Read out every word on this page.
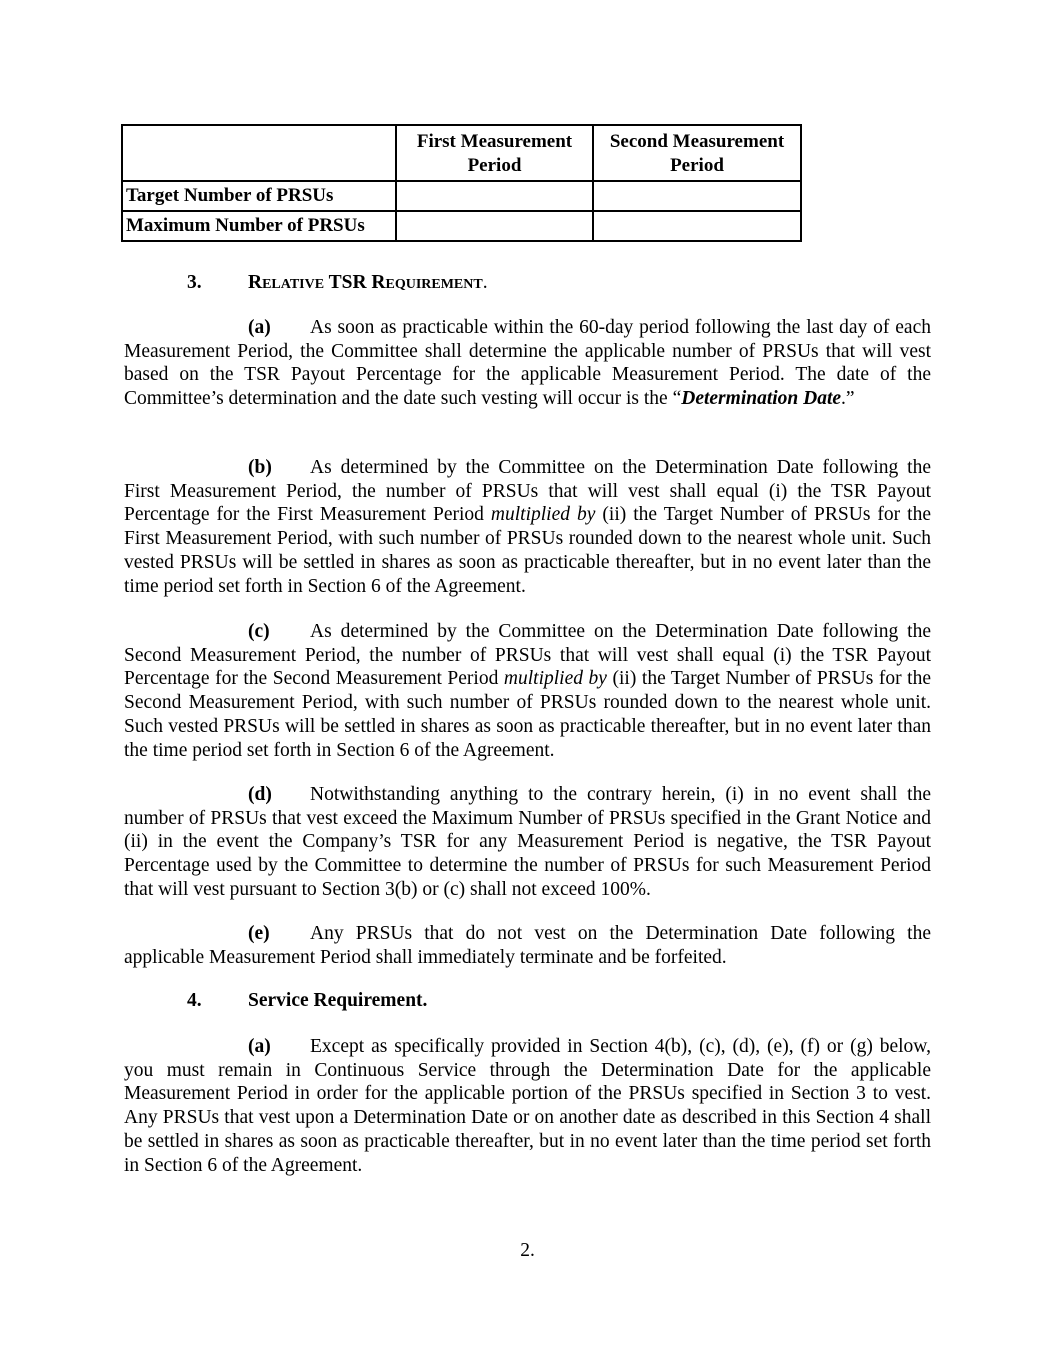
	First Measurement Period	Second Measurement Period
Target Number of PRSUs		
Maximum Number of PRSUs		
3. Relative TSR Requirement.
(a) As soon as practicable within the 60-day period following the last day of each Measurement Period, the Committee shall determine the applicable number of PRSUs that will vest based on the TSR Payout Percentage for the applicable Measurement Period. The date of the Committee’s determination and the date such vesting will occur is the “Determination Date.”
(b) As determined by the Committee on the Determination Date following the First Measurement Period, the number of PRSUs that will vest shall equal (i) the TSR Payout Percentage for the First Measurement Period multiplied by (ii) the Target Number of PRSUs for the First Measurement Period, with such number of PRSUs rounded down to the nearest whole unit. Such vested PRSUs will be settled in shares as soon as practicable thereafter, but in no event later than the time period set forth in Section 6 of the Agreement.
(c) As determined by the Committee on the Determination Date following the Second Measurement Period, the number of PRSUs that will vest shall equal (i) the TSR Payout Percentage for the Second Measurement Period multiplied by (ii) the Target Number of PRSUs for the Second Measurement Period, with such number of PRSUs rounded down to the nearest whole unit. Such vested PRSUs will be settled in shares as soon as practicable thereafter, but in no event later than the time period set forth in Section 6 of the Agreement.
(d) Notwithstanding anything to the contrary herein, (i) in no event shall the number of PRSUs that vest exceed the Maximum Number of PRSUs specified in the Grant Notice and (ii) in the event the Company’s TSR for any Measurement Period is negative, the TSR Payout Percentage used by the Committee to determine the number of PRSUs for such Measurement Period that will vest pursuant to Section 3(b) or (c) shall not exceed 100%.
(e) Any PRSUs that do not vest on the Determination Date following the applicable Measurement Period shall immediately terminate and be forfeited.
4. Service Requirement.
(a) Except as specifically provided in Section 4(b), (c), (d), (e), (f) or (g) below, you must remain in Continuous Service through the Determination Date for the applicable Measurement Period in order for the applicable portion of the PRSUs specified in Section 3 to vest. Any PRSUs that vest upon a Determination Date or on another date as described in this Section 4 shall be settled in shares as soon as practicable thereafter, but in no event later than the time period set forth in Section 6 of the Agreement.
2.
